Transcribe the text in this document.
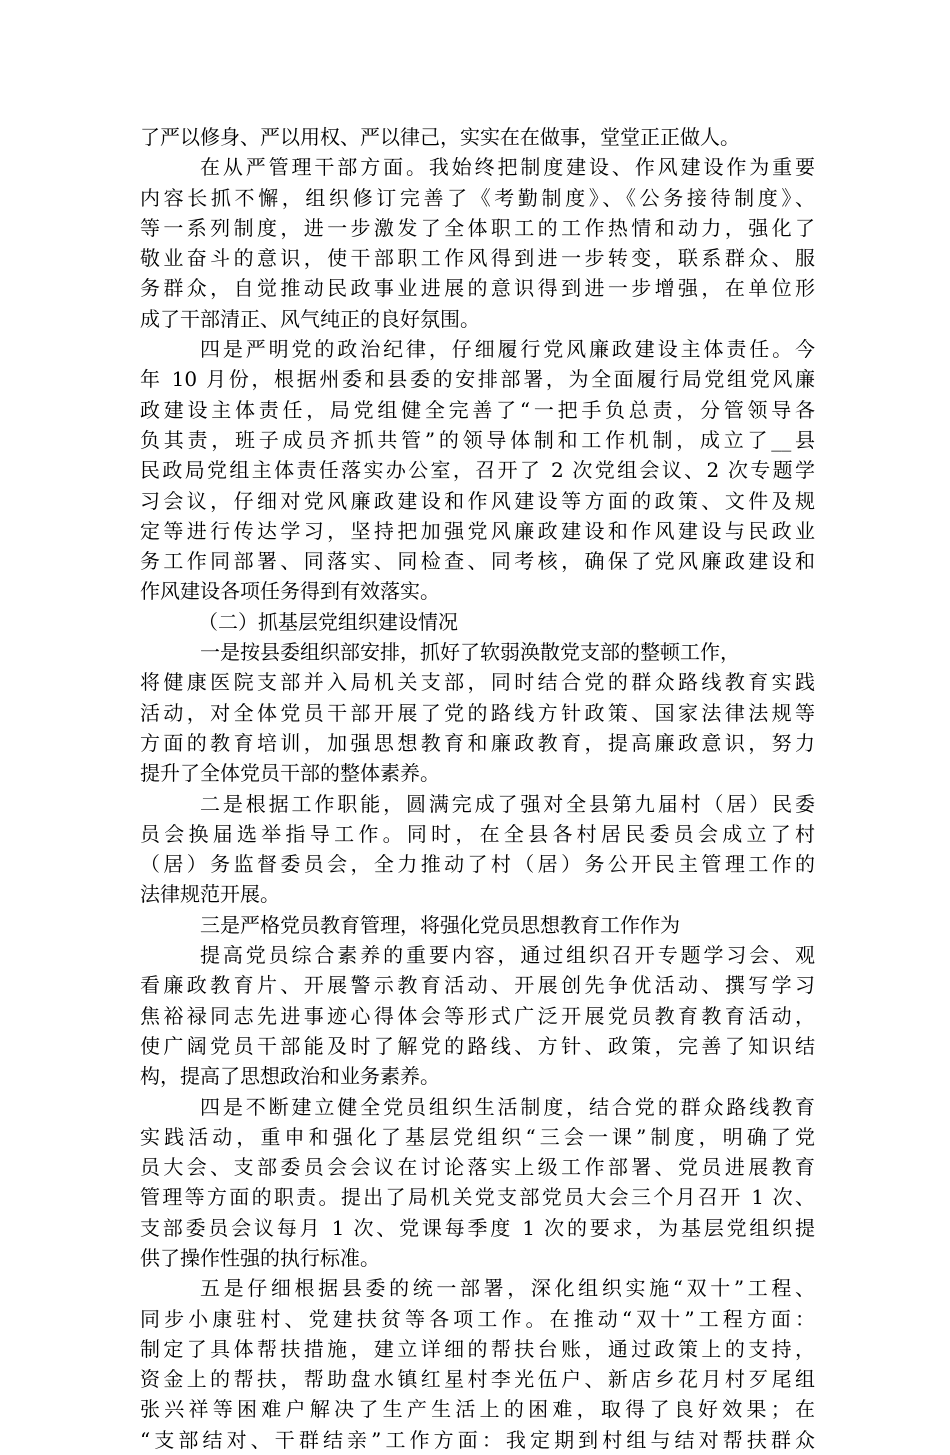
了严以修身、严以用权、严以律己，实实在在做事，堂堂正正做人。
在从严管理干部方面。我始终把制度建设、作风建设作为重要
内容长抓不懈，组织修订完善了《考勤制度》、《公务接待制度》、
等一系列制度，进一步激发了全体职工的工作热情和动力，强化了
敬业奋斗的意识，使干部职工作风得到进一步转变，联系群众、服
务群众，自觉推动民政事业进展的意识得到进一步增强，在单位形
成了干部清正、风气纯正的良好氛围。
四是严明党的政治纪律，仔细履行党风廉政建设主体责任。今
年 10 月份，根据州委和县委的安排部署，为全面履行局党组党风廉
政建设主体责任，局党组健全完善了“一把手负总责，分管领导各
负其责，班子成员齐抓共管”的领导体制和工作机制，成立了__县
民政局党组主体责任落实办公室，召开了 2 次党组会议、2 次专题学
习会议，仔细对党风廉政建设和作风建设等方面的政策、文件及规
定等进行传达学习，坚持把加强党风廉政建设和作风建设与民政业
务工作同部署、同落实、同检查、同考核，确保了党风廉政建设和
作风建设各项任务得到有效落实。
（二）抓基层党组织建设情况
一是按县委组织部安排，抓好了软弱涣散党支部的整顿工作，
将健康医院支部并入局机关支部，同时结合党的群众路线教育实践
活动，对全体党员干部开展了党的路线方针政策、国家法律法规等
方面的教育培训，加强思想教育和廉政教育，提高廉政意识，努力
提升了全体党员干部的整体素养。
二是根据工作职能，圆满完成了强对全县第九届村（居）民委
员会换届选举指导工作。同时，在全县各村居民委员会成立了村
（居）务监督委员会，全力推动了村（居）务公开民主管理工作的
法律规范开展。
三是严格党员教育管理，将强化党员思想教育工作作为
提高党员综合素养的重要内容，通过组织召开专题学习会、观
看廉政教育片、开展警示教育活动、开展创先争优活动、撰写学习
焦裕禄同志先进事迹心得体会等形式广泛开展党员教育教育活动，
使广阔党员干部能及时了解党的路线、方针、政策，完善了知识结
构，提高了思想政治和业务素养。
四是不断建立健全党员组织生活制度，结合党的群众路线教育
实践活动，重申和强化了基层党组织“三会一课”制度，明确了党
员大会、支部委员会会议在讨论落实上级工作部署、党员进展教育
管理等方面的职责。提出了局机关党支部党员大会三个月召开 1 次、
支部委员会议每月 1 次、党课每季度 1 次的要求，为基层党组织提
供了操作性强的执行标准。
五是仔细根据县委的统一部署，深化组织实施“双十”工程、
同步小康驻村、党建扶贫等各项工作。在推动“双十”工程方面：
制定了具体帮扶措施，建立详细的帮扶台账，通过政策上的支持，
资金上的帮扶，帮助盘水镇红星村李光伍户、新店乡花月村歹尾组
张兴祥等困难户解决了生产生活上的困难，取得了良好效果；在
“支部结对、干群结亲”工作方面：我定期到村组与结对帮扶群众
